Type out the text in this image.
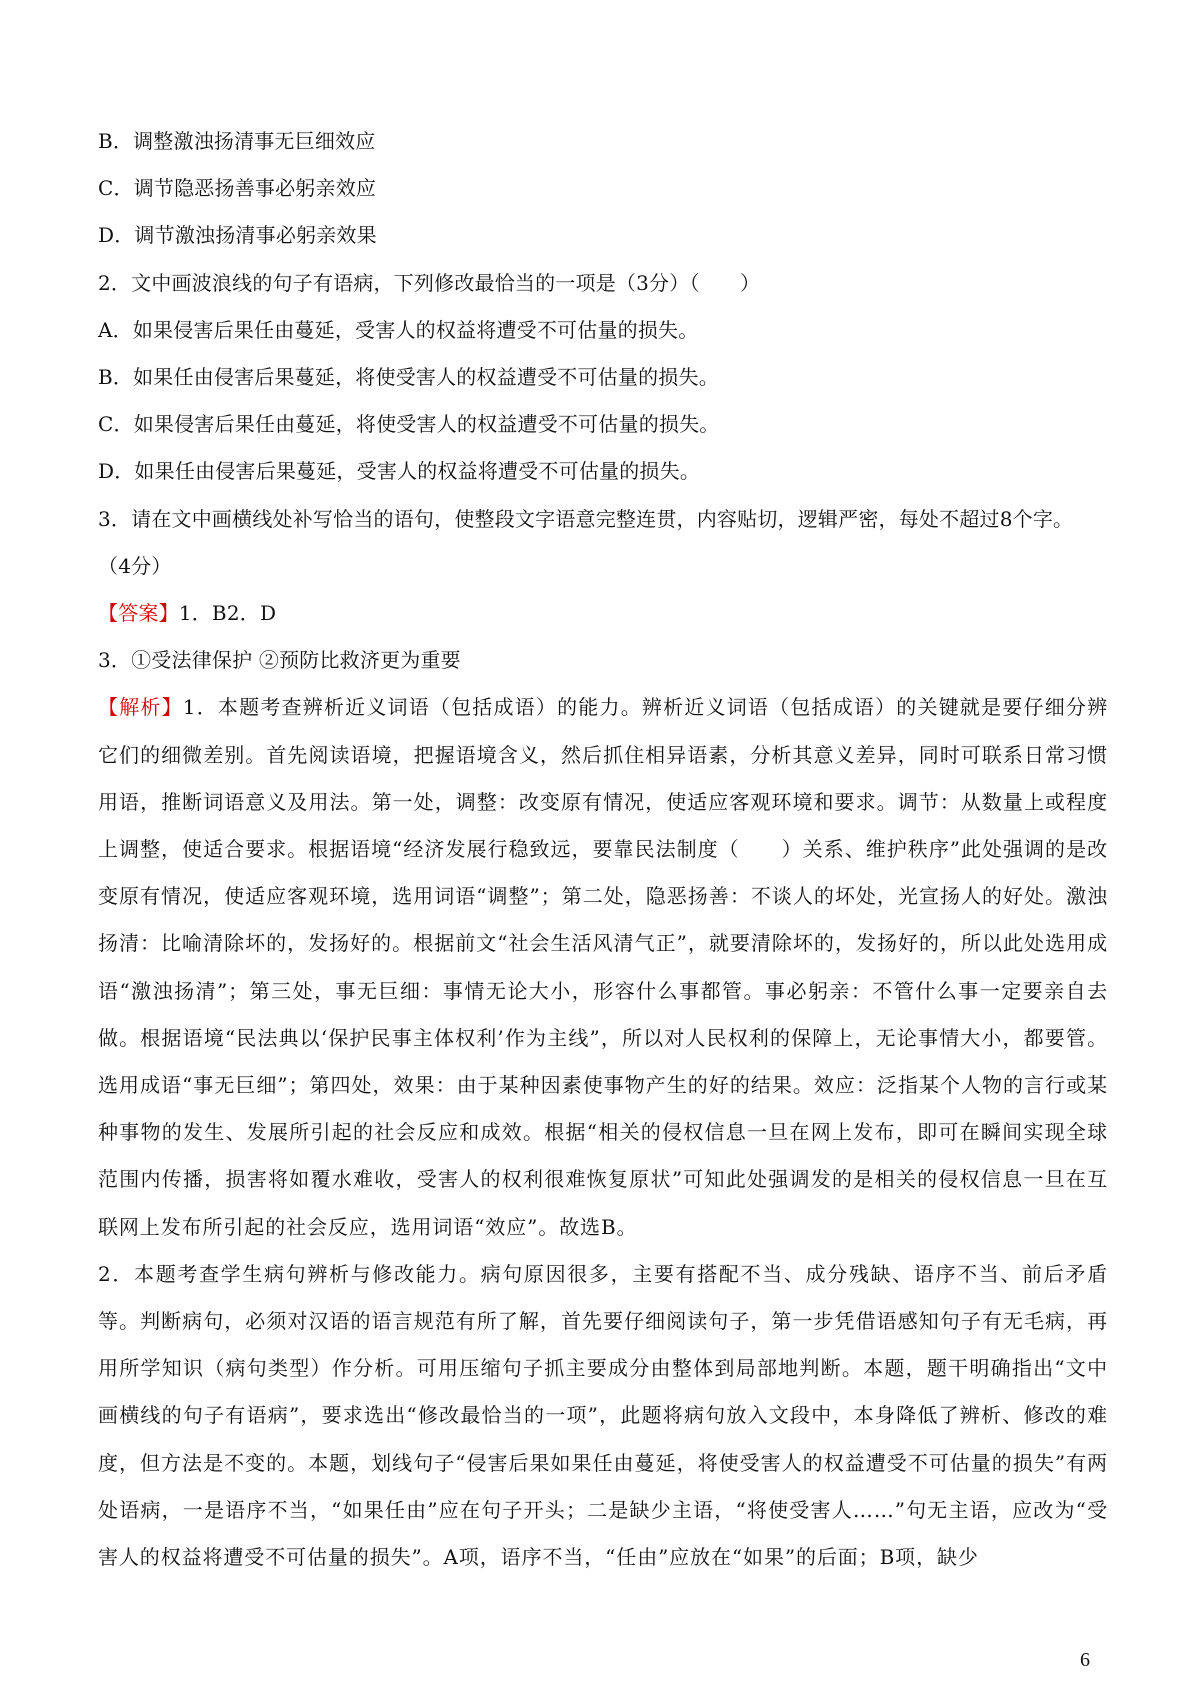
B．调整激浊扬清事无巨细效应
C．调节隐恶扬善事必躬亲效应
D．调节激浊扬清事必躬亲效果
2．文中画波浪线的句子有语病，下列修改最恰当的一项是（3分）（　　）
A．如果侵害后果任由蔓延，受害人的权益将遭受不可估量的损失。
B．如果任由侵害后果蔓延，将使受害人的权益遭受不可估量的损失。
C．如果侵害后果任由蔓延，将使受害人的权益遭受不可估量的损失。
D．如果任由侵害后果蔓延，受害人的权益将遭受不可估量的损失。
3．请在文中画横线处补写恰当的语句，使整段文字语意完整连贯，内容贴切，逻辑严密，每处不超过8个字。
（4分）
【答案】1．B2．D
3．①受法律保护 ②预防比救济更为重要
【解析】1．本题考查辨析近义词语（包括成语）的能力。辨析近义词语（包括成语）的关键就是要仔细分辨它们的细微差别。首先阅读语境，把握语境含义，然后抓住相异语素，分析其意义差异，同时可联系日常习惯用语，推断词语意义及用法。第一处，调整：改变原有情况，使适应客观环境和要求。调节：从数量上或程度上调整，使适合要求。根据语境“经济发展行稳致远，要靠民法制度（　　）关系、维护秩序”此处强调的是改变原有情况，使适应客观环境，选用词语“调整”；第二处，隐恶扬善：不谈人的坏处，光宣扬人的好处。激浊扬清：比喻清除坏的，发扬好的。根据前文“社会生活风清气正”，就要清除坏的，发扬好的，所以此处选用成语“激浊扬清”；第三处，事无巨细：事情无论大小，形容什么事都管。事必躬亲：不管什么事一定要亲自去做。根据语境“民法典以‘保护民事主体权利’作为主线”，所以对人民权利的保障上，无论事情大小，都要管。选用成语“事无巨细”；第四处，效果：由于某种因素使事物产生的好的结果。效应：泛指某个人物的言行或某种事物的发生、发展所引起的社会反应和成效。根据“相关的侵权信息一旦在网上发布，即可在瞬间实现全球范围内传播，损害将如覆水难收，受害人的权利很难恢复原状”可知此处强调发的是相关的侵权信息一旦在互联网上发布所引起的社会反应，选用词语“效应”。故选B。
2．本题考查学生病句辨析与修改能力。病句原因很多，主要有搭配不当、成分残缺、语序不当、前后矛盾等。判断病句，必须对汉语的语言规范有所了解，首先要仔细阅读句子，第一步凭借语感知句子有无毛病，再用所学知识（病句类型）作分析。可用压缩句子抓主要成分由整体到局部地判断。本题，题干明确指出“文中画横线的句子有语病”，要求选出“修改最恰当的一项”，此题将病句放入文段中，本身降低了辨析、修改的难度，但方法是不变的。本题，划线句子“侵害后果如果任由蔓延，将使受害人的权益遭受不可估量的损失”有两处语病，一是语序不当，“如果任由”应在句子开头；二是缺少主语，“将使受害人……”句无主语，应改为“受害人的权益将遭受不可估量的损失”。A项，语序不当，“任由”应放在“如果”的后面；B项，缺少
6
